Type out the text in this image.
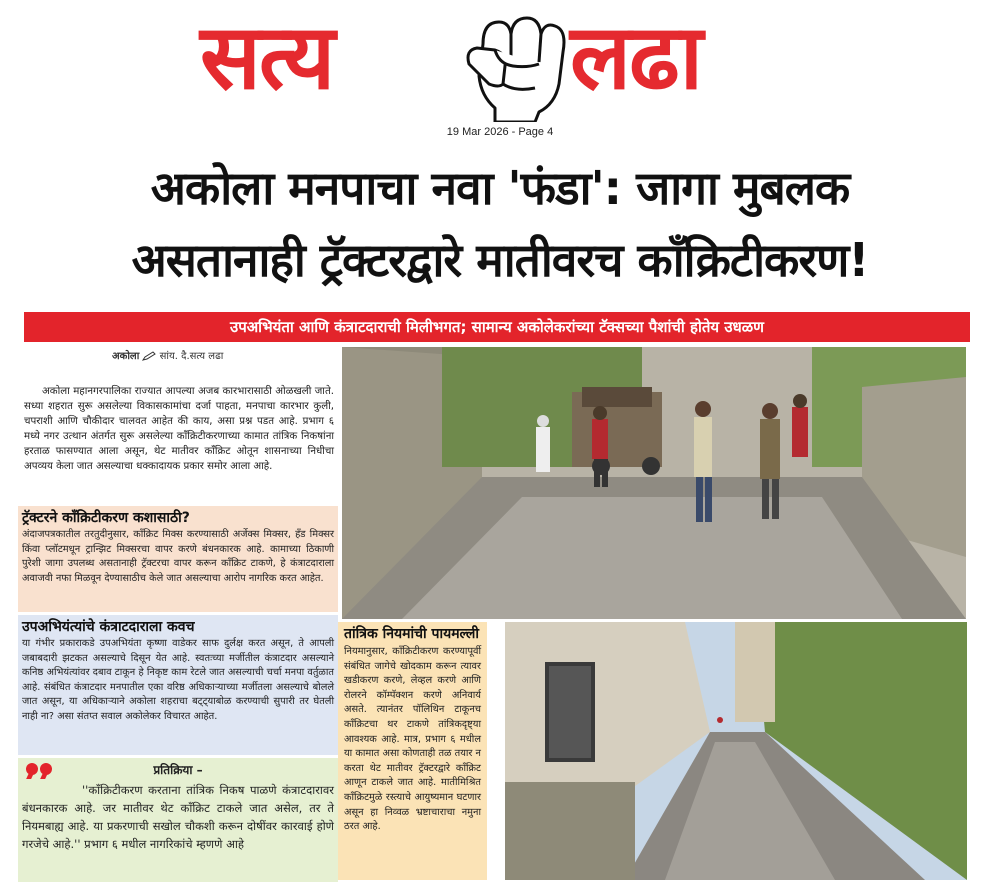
सत्य	लढा
19 Mar 2026 - Page 4
अकोला मनपाचा नवा 'फंडा': जागा मुबलक
असतानाही ट्रॅक्टरद्वारे मातीवरच कॉंक्रिटीकरण!
उपअभियंता आणि कंत्राटदाराची मिलीभगत; सामान्य अकोलेकरांच्या टॅक्सच्या पैशांची होतेय उधळण
अकोला सांय. दै.सत्य लढा

अकोला महानगरपालिका राज्यात आपल्या अजब कारभारासाठी ओळखली जाते. सध्या शहरात सुरू असलेल्या विकासकामांचा दर्जा पाहता, मनपाचा कारभार कुली, चपराशी आणि चौकीदार चालवत आहेत की काय, असा प्रश्न पडत आहे. प्रभाग ६ मध्ये नगर उत्थान अंतर्गत सुरू असलेल्या कॉंक्रिटीकरणाच्या कामात तांत्रिक निकषांना हरताळ फासण्यात आला असून, थेट मातीवर कॉंक्रिट ओतून शासनाच्या निधीचा अपव्यय केला जात असल्याचा धक्कादायक प्रकार समोर आला आहे.

ट्रॅक्टरने कॉंक्रिटीकरण कशासाठी?

अंदाजपत्रकातील तरतुदीनुसार, कॉंक्रिट मिक्स करण्यासाठी अर्जेक्स मिक्सर, हँड मिक्सर किंवा प्लॉटमधून ट्रान्झिट मिक्सरचा वापर करणे बंधनकारक आहे. कामाच्या ठिकाणी पुरेशी जागा उपलब्ध असतानाही ट्रॅक्टरचा वापर करून कॉंक्रिट टाकणे, हे कंत्राटदाराला अवाजवी नफा मिळवून देण्यासाठीच केले जात असल्याचा आरोप नागरिक करत आहेत.

उपअभियंत्यांचे कंत्राटदाराला कवच

या गंभीर प्रकाराकडे उपअभियंता कृष्णा वाडेकर साफ दुर्लक्ष करत असून, ते आपली जबाबदारी झटकत असल्याचे दिसून येत आहे. स्वतःच्या मर्जीतील कंत्राटदार असल्याने कनिष्ठ अभियंत्यांवर दबाव टाकून हे निकृष्ट काम रेटले जात असल्याची चर्चा मनपा वर्तुळात आहे. संबंधित कंत्राटदार मनपातील एका वरिष्ठ अधिकाऱ्याच्या मर्जीतला असल्याचे बोलले जात असून, या अधिकाऱ्याने अकोला शहराचा बट्ट्याबोळ करण्याची सुपारी तर घेतली नाही ना? असा संतप्त सवाल अकोलेकर विचारत आहेत.

प्रतिक्रिया –

''कॉंक्रिटीकरण करताना तांत्रिक निकष पाळणे कंत्राटदारावर बंधनकारक आहे. जर मातीवर थेट कॉंक्रिट टाकले जात असेल, तर ते नियमबाह्य आहे. या प्रकरणाची सखोल चौकशी करून दोषींवर कारवाई होणे गरजेचे आहे.'' प्रभाग ६ मधील नागरिकांचे म्हणणे आहे

तांत्रिक नियमांची पायमल्ली

नियमानुसार, कॉंक्रिटीकरण करण्यापूर्वी संबंधित जागेचे खोदकाम करून त्यावर खडीकरण करणे, लेव्हल करणे आणि रोलरने कॉम्पॅक्शन करणे अनिवार्य असते. त्यानंतर पॉलिथिन टाकूनच कॉंक्रिटचा थर टाकणे तांत्रिकदृष्ट्या आवश्यक आहे. मात्र, प्रभाग ६ मधील या कामात असा कोणताही तळ तयार न करता थेट मातीवर ट्रॅक्टरद्वारे कॉंक्रिट आणून टाकले जात आहे. मातीमिश्रित कॉंक्रिटमुळे रस्त्याचे आयुष्यमान घटणार असून हा निव्वळ भ्रष्टाचाराचा नमुना ठरत आहे.
